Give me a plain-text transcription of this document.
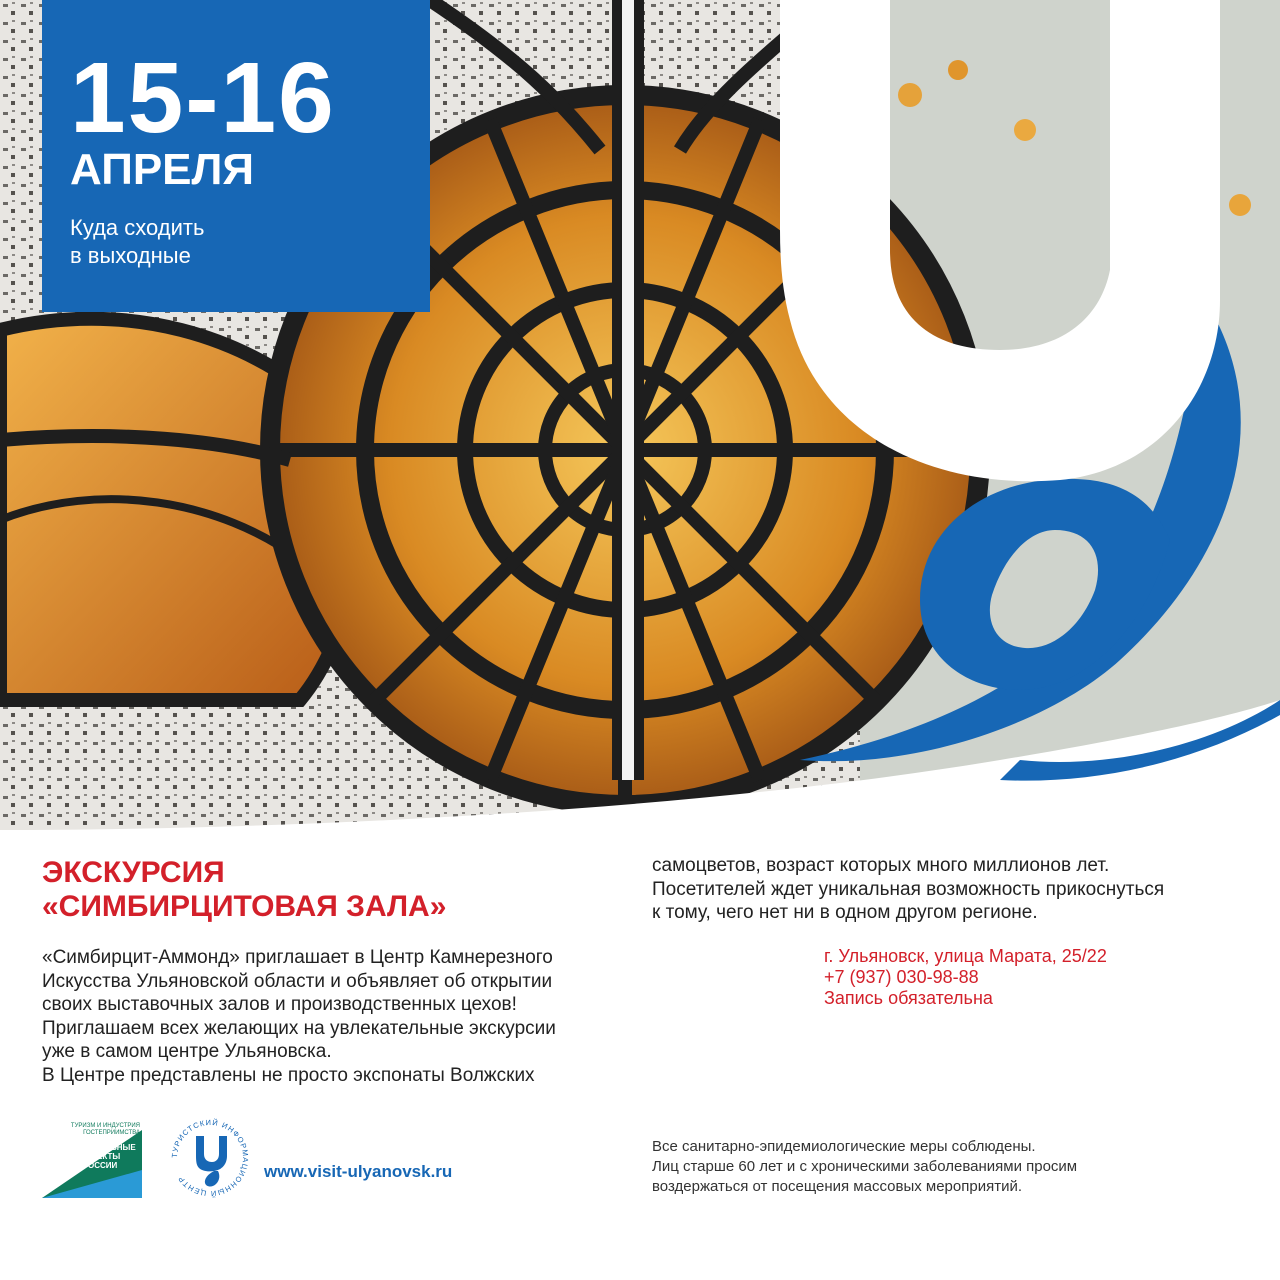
15-16
АПРЕЛЯ
Куда сходить
в выходные
ЭКСКУРСИЯ
«СИМБИРЦИТОВАЯ ЗАЛА»
«Симбирцит-Аммонд» приглашает в Центр Камнерезного
Искусства Ульяновской области и объявляет об открытии
своих выставочных залов и производственных цехов!
Приглашаем всех желающих на увлекательные экскурсии
уже в самом центре Ульяновска.
В Центре представлены не просто экспонаты Волжских
самоцветов, возраст которых много миллионов лет.
Посетителей ждет уникальная возможность прикоснуться
к тому, чего нет ни в одном другом регионе.
г. Ульяновск, улица Марата, 25/22
+7 (937) 030-98-88
Запись обязательна
ТУРИЗМ И ИНДУСТРИЯ
ГОСТЕПРИИМСТВА
НАЦИОНАЛЬНЫЕ
ПРОЕКТЫ
РОССИИ
ТУРИСТСКИЙ ИНФОРМАЦИОННЫЙ ЦЕНТР	www.visit-ulyanovsk.ru
Все санитарно-эпидемиологические меры соблюдены.
Лиц старше 60 лет и с хроническими заболеваниями просим
воздержаться от посещения массовых мероприятий.
